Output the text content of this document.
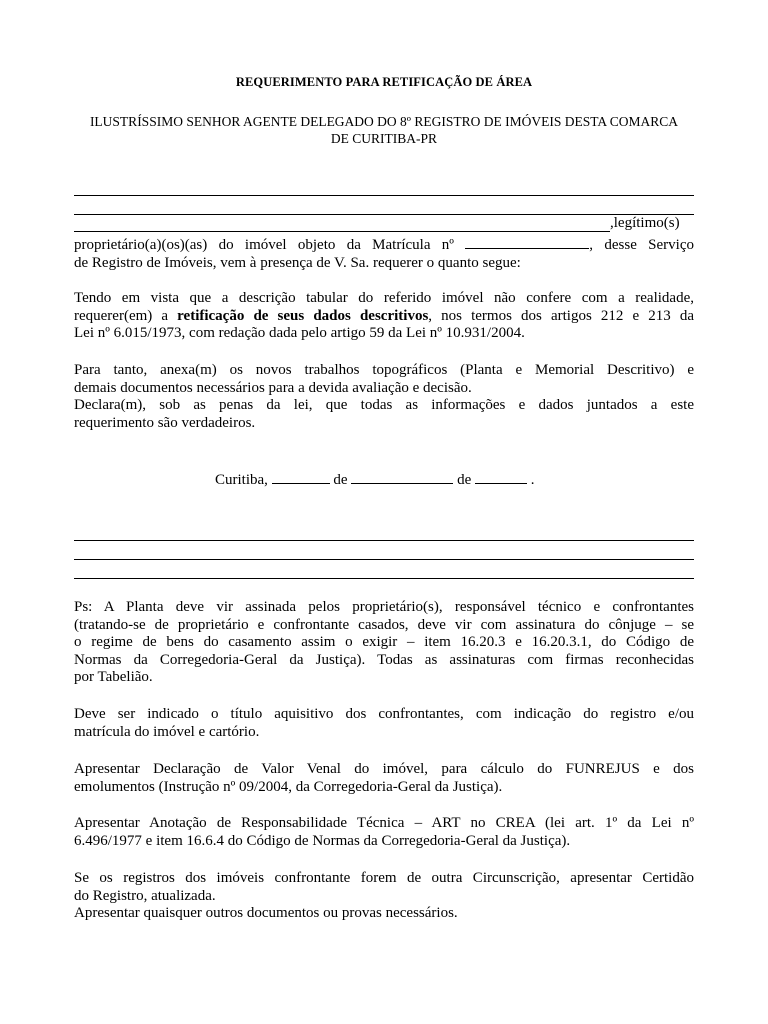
REQUERIMENTO PARA RETIFICAÇÃO DE ÁREA
ILUSTRÍSSIMO SENHOR AGENTE DELEGADO DO 8º REGISTRO DE IMÓVEIS DESTA COMARCA
DE CURITIBA-PR
,legítimo(s)
proprietário(a)(os)(as) do imóvel objeto da Matrícula nº	, desse Serviço
de Registro de Imóveis, vem à presença de V. Sa. requerer o quanto segue:
Tendo em vista que a descrição tabular do referido imóvel não confere com a realidade,
requerer(em) a retificação de seus dados descritivos, nos termos dos artigos 212 e 213 da
Lei nº 6.015/1973, com redação dada pelo artigo 59 da Lei nº 10.931/2004.
Para tanto, anexa(m) os novos trabalhos topográficos (Planta e Memorial Descritivo) e
demais documentos necessários para a devida avaliação e decisão.
Declara(m), sob as penas da lei, que todas as informações e dados juntados a este
requerimento são verdadeiros.
Curitiba,	de	de	.
Ps: A Planta deve vir assinada pelos proprietário(s), responsável técnico e confrontantes
(tratando-se de proprietário e confrontante casados, deve vir com assinatura do cônjuge – se
o regime de bens do casamento assim o exigir – item 16.20.3 e 16.20.3.1, do Código de
Normas da Corregedoria-Geral da Justiça). Todas as assinaturas com firmas reconhecidas
por Tabelião.
Deve ser indicado o título aquisitivo dos confrontantes, com indicação do registro e/ou
matrícula do imóvel e cartório.
Apresentar Declaração de Valor Venal do imóvel, para cálculo do FUNREJUS e dos
emolumentos (Instrução nº 09/2004, da Corregedoria-Geral da Justiça).
Apresentar Anotação de Responsabilidade Técnica – ART no CREA (lei art. 1º da Lei nº
6.496/1977 e item 16.6.4 do Código de Normas da Corregedoria-Geral da Justiça).
Se os registros dos imóveis confrontante forem de outra Circunscrição, apresentar Certidão
do Registro, atualizada.
Apresentar quaisquer outros documentos ou provas necessários.
